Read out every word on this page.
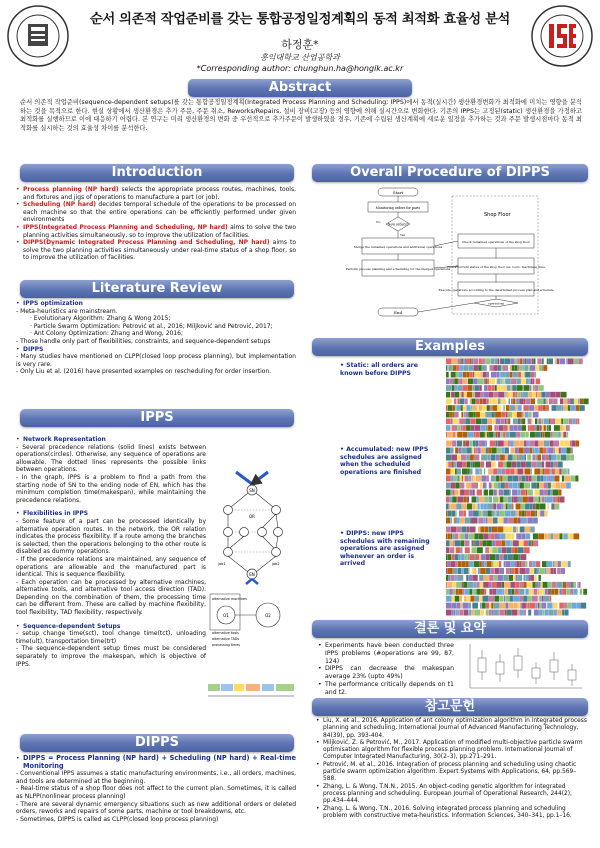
순서 의존적 작업준비를 갖는 통합공정일정계획의 동적 최적화 효율성 분석
하정훈*
홍익대학교 산업공학과
*Corresponding author: chunghun.ha@hongik.ac.kr
Abstract
순서 의존적 작업준비(sequence-dependent setups)를 갖는 통합공정일정계획(Integrated Process Planning and Scheduling; IPPS)에서 동적(실시간) 생산환경변화가 최적화에 미치는 영향을 분석하는 것을 목적으로 한다. 현실 상황에서 생산환경은 추가 주문, 주문 취소, Reworks/Repairs, 설비 장비(고장) 등의 영향에 의해 실시간으로 변화한다. 기존의 IPPS는 고정된(static) 생산환경을 가정하고 최적화를 실행하므로 이에 대응하기 어렵다. 본 연구는 미리 생산환경의 변화 중 우선적으로 추가주문이 발생하였을 경우, 기존에 수립된 생산계획에 새로운 일정을 추가하는 것과 주문 발생시점마다 동적 최적화를 실시하는 것의 효율성 차이를 분석한다.
Introduction
• Process planning (NP hard) selects the appropriate process routes, machines, tools, and fixtures and jigs of operations to manufacture a part (or job).
• Scheduling (NP hard) decides temporal schedule of the operations to be processed on each machine so that the entire operations can be efficiently performed under given environments
• IPPS(Integrated Process Planning and Scheduling, NP hard) aims to solve the two planning activities simultaneously, so to improve the utilization of facilities.
• DIPPS(Dynamic Integrated Process Planning and Scheduling, NP hard) aims to solve the two planning activities simultaneously under real-time status of a shop floor, so to improve the utilization of facilities.
Literature Review
• IPPS optimization
- Meta-heuristics are mainstream.
· Evolutionary Algorithm: Zhang & Wong 2015;
· Particle Swarm Optimization: Petrović et al., 2016; Miljković and Petrović, 2017;
· Ant Colony Optimization: Zhang and Wong, 2016;
- Those handle only part of flexibilities, constraints, and sequence-dependent setups
• DIPPS
- Many studies have mentioned on CLPP(closed loop process planning), but implementation is very rare.
- Only Liu et al. (2016) have presented examples on rescheduling for order insertion.
IPPS
• Network Representation
- Several precedence relations (solid lines) exists between operations(circles). Otherwise, any sequence of operations are allowable. The dotted lines represents the possible links between operations.
- In the graph, IPPS is a problem to find a path from the starting node of SN to the ending node of EN, which has the minimum completion time(makespan), while maintaining the precedence relations.
• Flexibilities in IPPS
- Some feature of a part can be processed identically by alternative operation routes. In the network, the OR relation indicates the process flexibility. If a route among the branches is selected, then the operations belonging to the other route is disabled as dummy operations.
- If the precedence relations are maintained, any sequence of operations are allowable and the manufactured part is identical. This is sequence flexibility.
- Each operation can be processed by alternative machines, alternative tools, and alternative tool access direction (TAD). Depending on the combination of them, the processing time can be different from. These are called by machine flexibility, tool flexibility, TAD flexibility, respectively.
• Sequence-dependent Setups
- setup change time(sct), tool change time(tct), unloading time(ult), transportation time(trt)
- The sequence-dependent setup times must be considered separately to improve the makespan, which is objective of IPPS.
SN
OR
EN
job1	job2
alternative machines
alternative tools
alternative TADs
processing times
O1	O2
DIPPS
• DIPPS = Process Planning (NP hard) + Scheduling (NP hard) + Real-time Monitoring
- Conventional IPPS assumes a static manufacturing environments, i.e., all orders, machines, and tools are determined at the beginning.
- Real-time status of a shop floor does not affect to the current plan. Sometimes, it is called as NLPP(nonlinear process planning)
- There are several dynamic emergency situations such as new additional orders or deleted orders, reworks and repairs of some parts, machine or tool breakdowns, etc.
- Sometimes, DIPPS is called as CLPP(closed loop process planning)
Overall Procedure of DIPPS
Shop Floor
Start
Monitoring orders for parts
New orders?
Merge the remained operations and additional operations
Perform process planning and scheduling for the merged operations
Check remained operations of the shop floor
Check current status of the shop floor (ex. tools, machines) time
Execute operations according to the determined process plan and schedule
operations
End
Yes
No
Examples
• Static: all orders are known before DIPPS
• Accumulated: new IPPS schedules are assigned when the scheduled operations are finished
• DIPPS: new IPPS schedules with remaining operations are assigned whenever an order is arrived
결론 및 요약
• Experiments have been conducted three IPPS problems (#operations are 99, 87, 124)
• DIPPS can decrease the makespan average 23% (upto 49%)
• The performance critically depends on t1 and t2.
참고문헌
• Liu, X. et al., 2016, Application of ant colony optimization algorithm in integrated process planning and scheduling, International Journal of Advanced Manufacturing Technology, 84(39), pp. 393-404.
• Miljković, Z. & Petrović, M., 2017. Application of modified multi-objective particle swarm optimisation algorithm for flexible process planning problem. International Journal of Computer Integrated Manufacturing, 30(2–3), pp.271–291.
• Petrović, M. et al., 2016. Integration of process planning and scheduling using chaotic particle swarm optimization algorithm. Expert Systems with Applications, 64, pp.569–588.
• Zhang, L. & Wong, T.N.N., 2015. An object-coding genetic algorithm for integrated process planning and scheduling. European Journal of Operational Research, 244(2), pp.434–444.
• Zhang, L. & Wong, T.N., 2016. Solving integrated process planning and scheduling problem with constructive meta-heuristics. Information Sciences, 340–341, pp.1–16.
